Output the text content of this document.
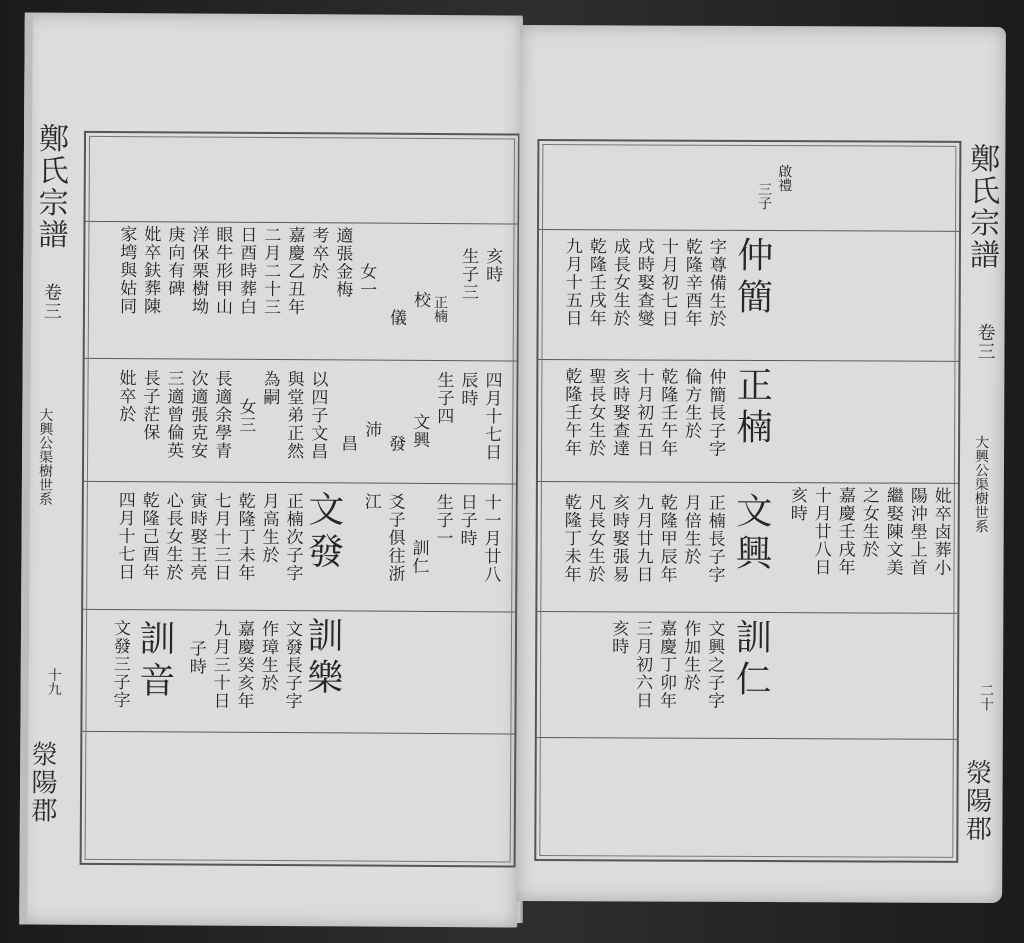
鄭氏宗譜
卷三
大興公渠樹世系
十九
滎陽郡
亥時
生子三
正楠
校
儀
女一
適張金梅
考卒於
嘉慶乙丑年
二月二十三
日酉時葬白
眼牛形甲山
洋保栗樹坳
庚向有碑
妣卒鈇葬陳
家塆與姑同
四月十七日
辰時
生子四
文興
發
沛
昌
以四子文昌
與堂弟正然
為嗣
女三
長適余學青
次適張克安
三適曾倫英
長子茫保
妣卒於
十一月廿八
日子時
生子一
訓仁
爻子俱往浙
江
文發
正楠次子字
月高生於
乾隆丁未年
七月十三日
寅時娶王亮
心長女生於
乾隆己酉年
四月十七日
訓樂
文發長子字
作璋生於
嘉慶癸亥年
九月三十日
子時
訓音
文發三子字
啟禮
三子
仲簡
字尊備生於
乾隆辛酉年
十月初七日
戌時娶查燮
成長女生於
乾隆壬戌年
九月十五日
正楠
仲簡長子字
倫方生於
乾隆壬午年
十月初五日
亥時娶查達
聖長女生於
乾隆壬午年
妣卒卤葬小
陽沖壆上首
繼娶陳文美
之女生於
嘉慶壬戌年
十月廿八日
亥時
文興
正楠長子字
月倍生於
乾隆甲辰年
九月廿九日
亥時娶張易
凡長女生於
乾隆丁未年
訓仁
文興之子字
作加生於
嘉慶丁卯年
三月初六日
亥時
鄭氏宗譜
卷三
大興公渠樹世系
二十
滎陽郡
